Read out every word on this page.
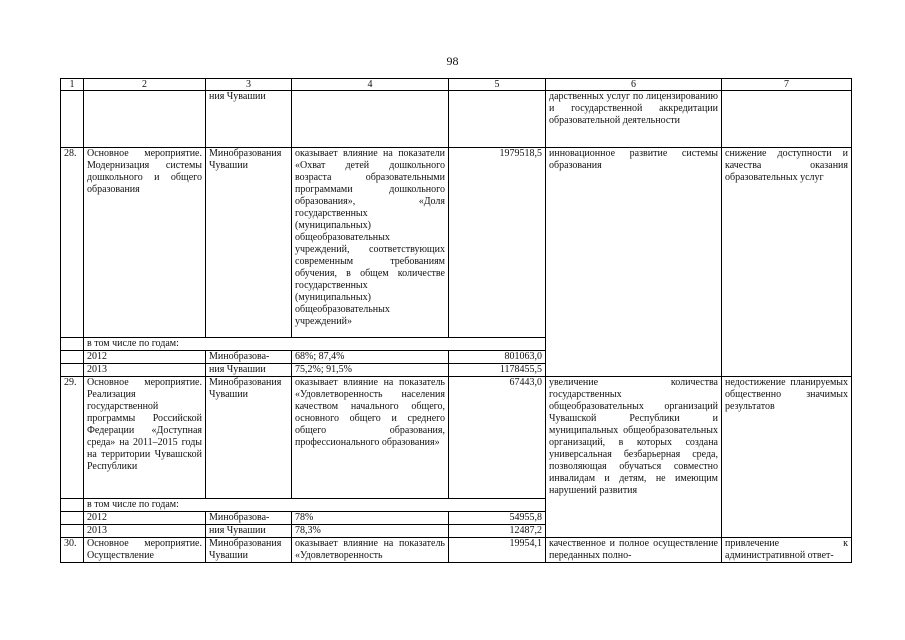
98
1	2	3	4	5	6	7
		ния Чувашии			дарственных услуг по лицензированию и государственной аккредитации образовательной деятельности	
28.	Основное мероприятие. Модернизация системы дошкольного и общего образования	Минобразования Чувашии	оказывает влияние на показатели «Охват детей дошкольного возраста образовательными программами дошкольного образования», «Доля государственных (муниципальных) общеобразовательных учреждений, соответствующих современным требованиям обучения, в общем количестве государственных (муниципальных) общеобразовательных учреждений»	1979518,5	инновационное развитие системы образования	снижение доступности и качества оказания образовательных услуг
	в том числе по годам:					
	2012	Минобразова-	68%; 87,4%	801063,0		
	2013	ния Чувашии	75,2%; 91,5%	1178455,5		
29.	Основное мероприятие. Реализация государственной программы Российской Федерации «Доступная среда» на 2011–2015 годы на территории Чувашской Республики	Минобразования Чувашии	оказывает влияние на показатель «Удовлетворенность населения качеством начального общего, основного общего и среднего общего образования, профессионального образования»	67443,0	увеличение количества государственных общеобразовательных организаций Чувашской Республики и муниципальных общеобразовательных организаций, в которых создана универсальная безбарьерная среда, позволяющая обучаться совместно инвалидам и детям, не имеющим нарушений развития	недостижение планируемых общественно значимых результатов
	в том числе по годам:					
	2012	Минобразова-	78%	54955,8		
	2013	ния Чувашии	78,3%	12487,2		
30.	Основное мероприятие. Осуществление	Минобразования Чувашии	оказывает влияние на показатель «Удовлетворенность	19954,1	качественное и полное осуществление переданных полно-	привлечение к административной ответ-
